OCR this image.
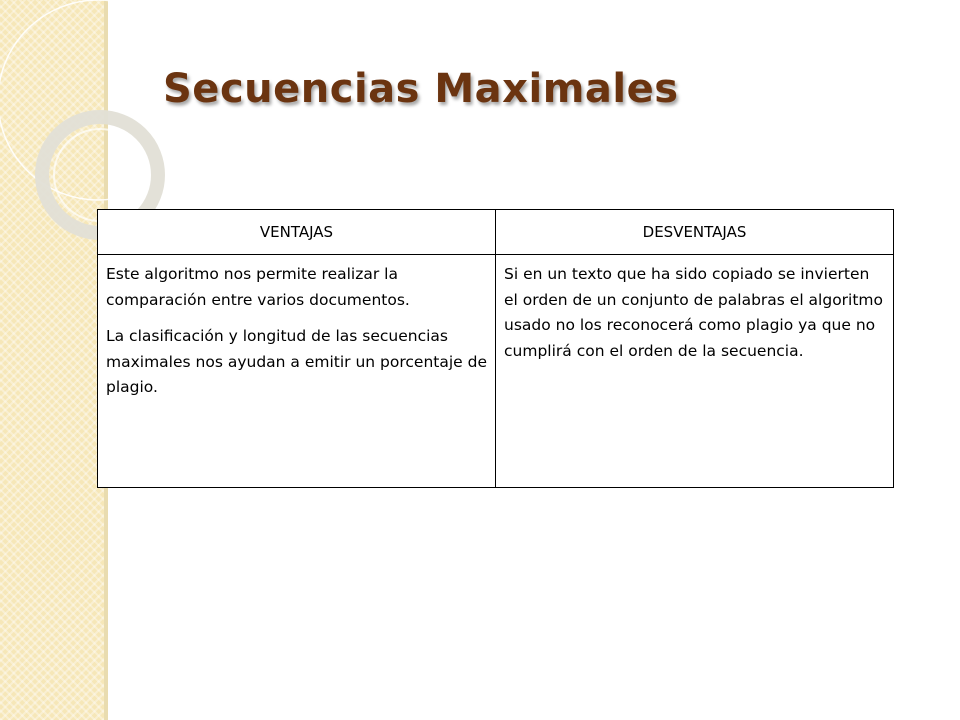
Secuencias Maximales
VENTAJAS	DESVENTAJAS

Este algoritmo nos permite realizar la comparación entre varios documentos.

La clasificación y longitud de las secuencias maximales nos ayudan a emitir un porcentaje de plagio.	Si en un texto que ha sido copiado se invierten el orden de un conjunto de palabras el algoritmo usado no los reconocerá como plagio ya que no cumplirá con el orden de la secuencia.
